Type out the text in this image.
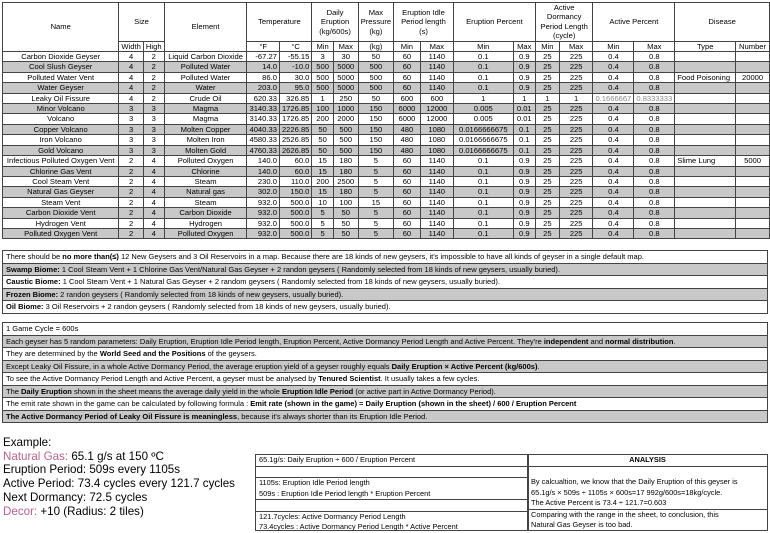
Name	Size		Element	Temperature		Daily Eruption (kg/600s)		Max Pressure (kg)	Eruption Idle Period length (s)		Eruption Percent		Active Dormancy Period Length (cycle)		Active Percent		Disease	

	Width	High		°F	°C	Min	Max	(kg)	Min	Max	Min	Max	Min	Max	Min	Max	Type	Number
Carbon Dioxide Geyser	4	2	Liquid Carbon Dioxide	-67.27	-55.15	3	30	50	60	1140	0.1	0.9	25	225	0.4	0.8		
Cool Slush Geyser	4	2	Polluted Water	14.0	-10.0	500	5000	500	60	1140	0.1	0.9	25	225	0.4	0.8		
Polluted Water Vent	4	2	Polluted Water	86.0	30.0	500	5000	500	60	1140	0.1	0.9	25	225	0.4	0.8	Food Poisoning	20000
Water Geyser	4	2	Water	203.0	95.0	500	5000	500	60	1140	0.1	0.9	25	225	0.4	0.8		
Leaky Oil Fissure	4	2	Crude Oil	620.33	326.85	1	250	50	600	600	1	1	1	1	0.1666667	0.8333333		
Minor Volcano	3	3	Magma	3140.33	1726.85	100	1000	150	6000	12000	0.005	0.01	25	225	0.4	0.8		
Volcano	3	3	Magma	3140.33	1726.85	200	2000	150	6000	12000	0.005	0.01	25	225	0.4	0.8		
Copper Volcano	3	3	Molten Copper	4040.33	2226.85	50	500	150	480	1080	0.0166666675	0.1	25	225	0.4	0.8		
Iron Volcano	3	3	Molten Iron	4580.33	2526.85	50	500	150	480	1080	0.0166666675	0.1	25	225	0.4	0.8		
Gold Volcano	3	3	Molten Gold	4760.33	2626.85	50	500	150	480	1080	0.0166666675	0.1	25	225	0.4	0.8		
Infectious Polluted Oxygen Vent	2	4	Polluted Oxygen	140.0	60.0	15	180	5	60	1140	0.1	0.9	25	225	0.4	0.8	Slime Lung	5000
Chlorine Gas Vent	2	4	Chlorine	140.0	60.0	15	180	5	60	1140	0.1	0.9	25	225	0.4	0.8		
Cool Steam Vent	2	4	Steam	230.0	110.0	200	2500	5	60	1140	0.1	0.9	25	225	0.4	0.8		
Natural Gas Geyser	2	4	Natural gas	302.0	150.0	15	180	5	60	1140	0.1	0.9	25	225	0.4	0.8		
Steam Vent	2	4	Steam	932.0	500.0	10	100	15	60	1140	0.1	0.9	25	225	0.4	0.8		
Carbon Dioxide Vent	2	4	Carbon Dioxide	932.0	500.0	5	50	5	60	1140	0.1	0.9	25	225	0.4	0.8		
Hydrogen Vent	2	4	Hydrogen	932.0	500.0	5	50	5	60	1140	0.1	0.9	25	225	0.4	0.8		
Polluted Oxygen Vent	2	4	Polluted Oxygen	932.0	500.0	5	50	5	60	1140	0.1	0.9	25	225	0.4	0.8		
There should be no more than(≤) 12 New Geysers and 3 Oil Reservoirs in a map. Because there are 18 kinds of new geysers, it's impossible to have all kinds of geyser in a single default map.
Swamp Biome: 1 Cool Steam Vent + 1 Chlorine Gas Vent/Natural Gas Geyser + 2 randon geysers ( Randomly selected from 18 kinds of new geysers, usually buried).
Caustic Biome: 1 Cool Steam Vent + 1 Natural Gas Geyser + 2 random geysers ( Randomly selected from 18 kinds of new geysers, usually buried).
Frozen Biome: 2 randon geysers ( Randomly selected from 18 kinds of new geysers, usually buried).
Oil Biome: 3 Oil Reservoirs + 2 randon geysers ( Randomly selected from 18 kinds of new geysers, usually buried).
1 Game Cycle = 600s
Each geyser has 5 random parameters: Daily Eruption, Eruption Idle Period length, Eruption Percent, Active Dormancy Period Length and Active Percent. They're independent and normal distribution.
They are determined by the World Seed and the Positions of the geysers.
Except Leaky Oil Fissure, in a whole Active Dormancy Period, the average eruption yield of a geyser roughly equals Daily Eruption × Active Percent (kg/600s).
To see the Active Dormancy Period Length and Active Percent, a geyser must be analysed by Tenured Scientist. It usually takes a few cycles.
The Daily Eruption shown in the sheet means the average daily yield in the whole Eruption Idle Period (or active part in Active Dormancy Period).
The emit rate shown in the game can be calculated by following formula : Emit rate (shown in the game) = Daily Eruption (shown in the sheet) / 600 / Eruption Percent
The Active Dormancy Period of Leaky Oil Fissure is meaningless, because it's always shorter than its Eruption Idle Period.
Example:
Natural Gas: 65.1 g/s at 150 ºC
Eruption Period: 509s every 1105s
Active Period: 73.4 cycles every 121.7 cycles
Next Dormancy: 72.5 cycles
Decor: +10 (Radius: 2 tiles)
65.1g/s: Daily Eruption ÷ 600 / Eruption Percent
1105s: Eruption Idle Period length
509s : Eruption Idle Period length * Eruption Percent
121.7cycles: Active Dormancy Period Length
73.4cycles : Active Dormancy Period Length * Active Percent
ANALYSIS
By calcualtion, we know that the Daily Eruption of this geyser is
65.1g/s × 509s ÷ 1105s × 600s=17 992g/600s=18kg/cycle.
The Active Percent is 73.4 ÷ 121.7=0.603
Comparing with the range in the sheet, to conclusion, this
Natural Gas Geyser is too bad.
